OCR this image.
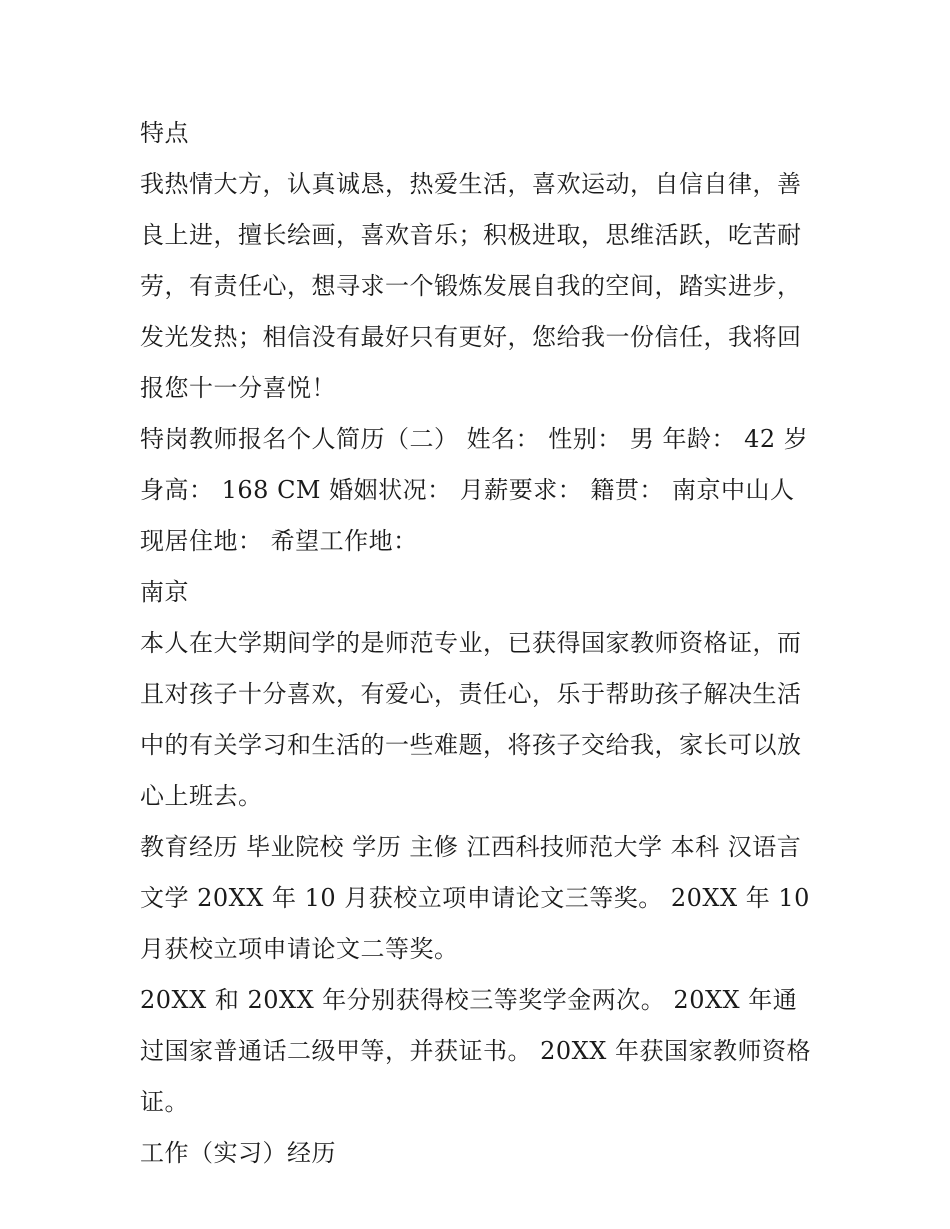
特点

我热情大方，认真诚恳，热爱生活，喜欢运动，自信自律，善良上进，擅长绘画，喜欢音乐；积极进取，思维活跃，吃苦耐劳，有责任心，想寻求一个锻炼发展自我的空间，踏实进步，发光发热；相信没有最好只有更好，您给我一份信任，我将回报您十一分喜悦！

特岗教师报名个人简历（二） 姓名： 性别： 男 年龄： 42 岁身高： 168 CM 婚姻状况： 月薪要求： 籍贯： 南京中山人 现居住地： 希望工作地：

南京

本人在大学期间学的是师范专业，已获得国家教师资格证，而且对孩子十分喜欢，有爱心，责任心，乐于帮助孩子解决生活中的有关学习和生活的一些难题，将孩子交给我，家长可以放心上班去。

教育经历 毕业院校 学历 主修 江西科技师范大学 本科 汉语言文学 20XX 年 10 月获校立项申请论文三等奖。 20XX 年 10 月获校立项申请论文二等奖。

20XX 和 20XX 年分别获得校三等奖学金两次。 20XX 年通过国家普通话二级甲等，并获证书。 20XX 年获国家教师资格证。

工作（实习）经历
